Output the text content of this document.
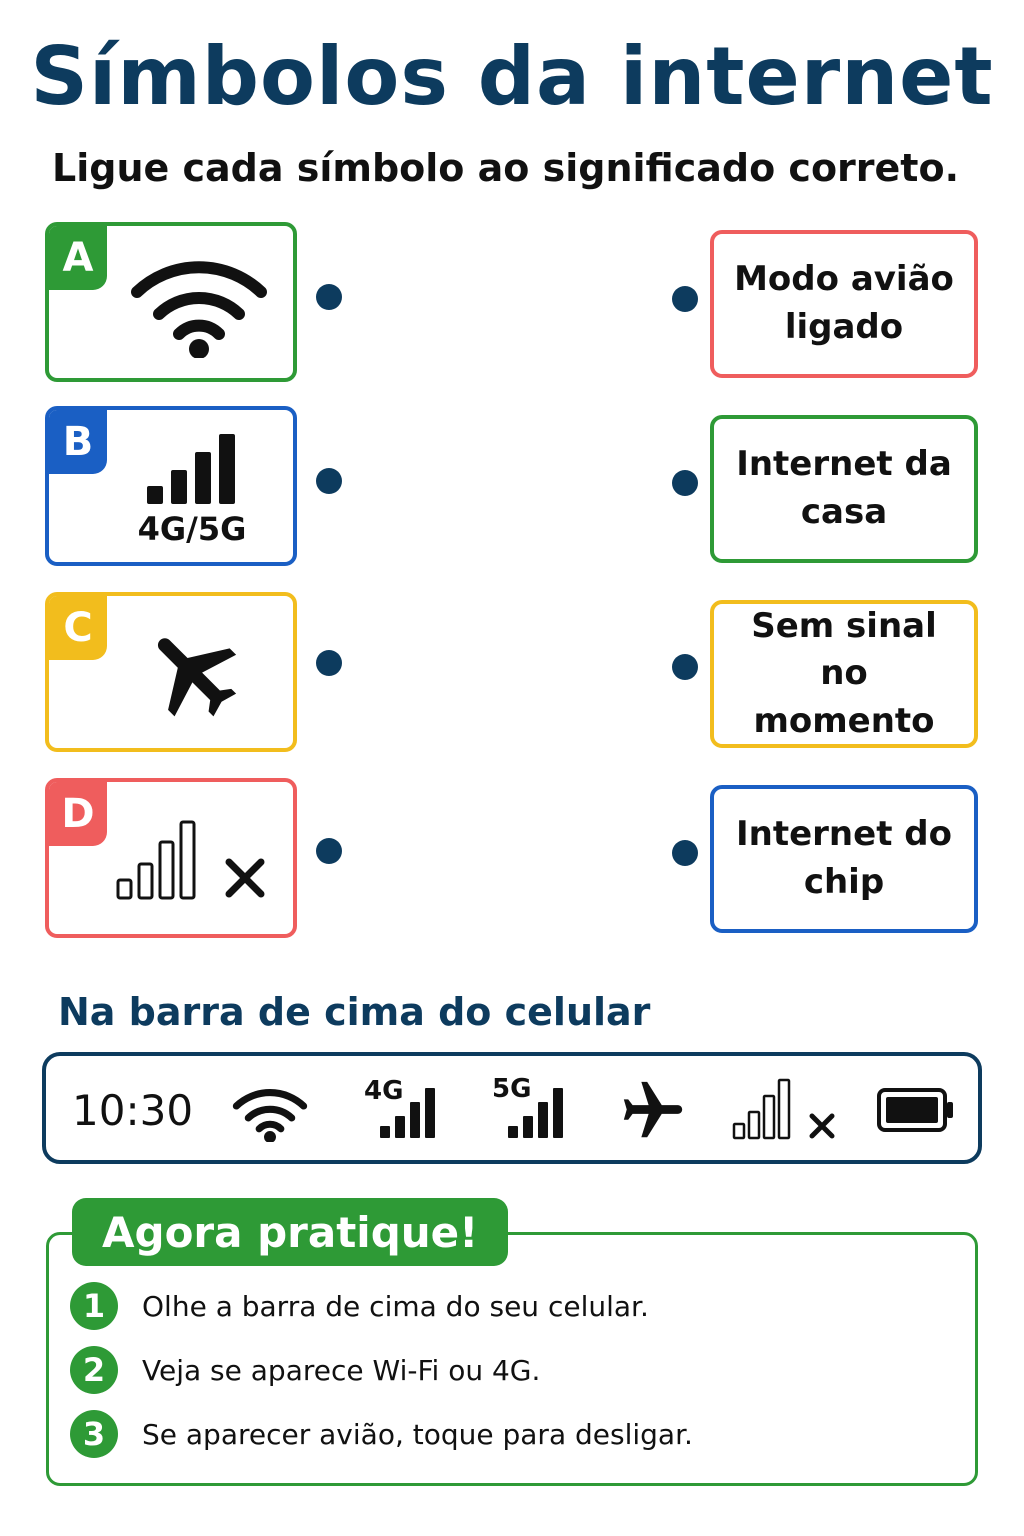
Símbolos da internet
Ligue cada símbolo ao significado correto.
A
B
4G/5G
C
D
Modo avião ligado
Internet da casa
Sem sinal no momento
Internet do chip
Na barra de cima do celular
10:30	4G	5G
Agora pratique!
1	Olhe a barra de cima do seu celular.
2	Veja se aparece Wi-Fi ou 4G.
3	Se aparecer avião, toque para desligar.
